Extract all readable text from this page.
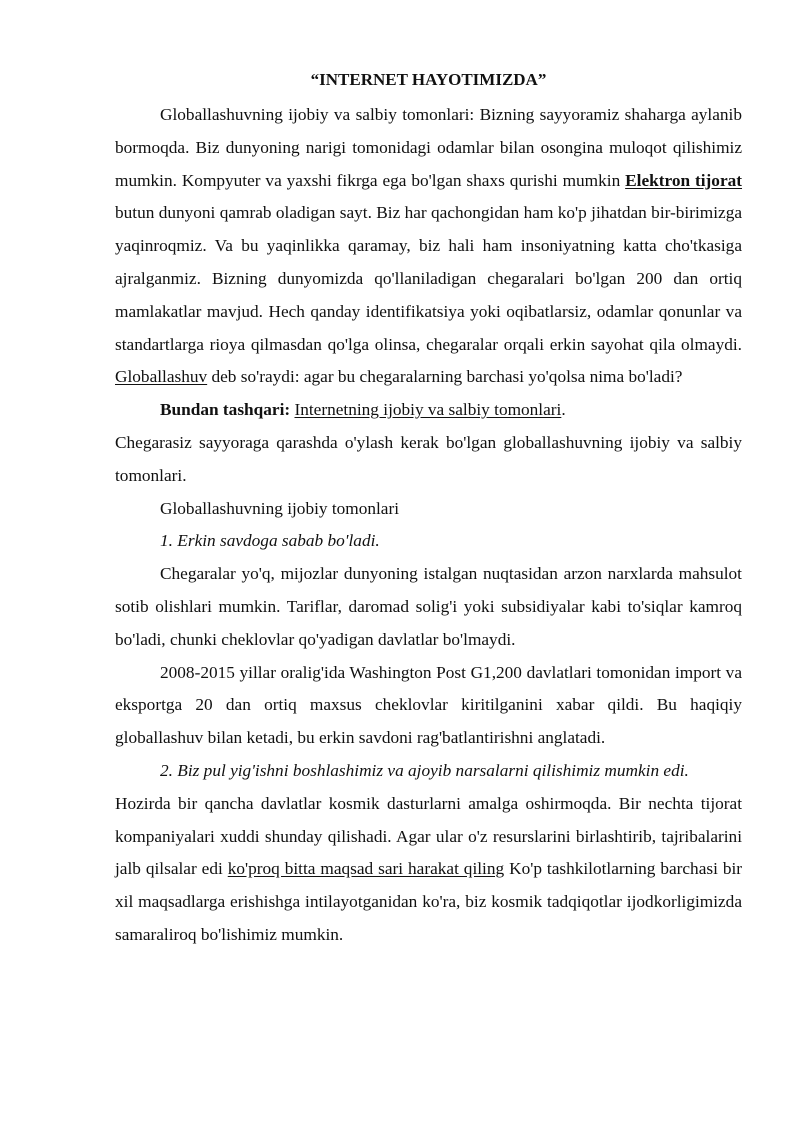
“INTERNET HAYOTIMIZDA”

Globallashuvning ijobiy va salbiy tomonlari: Bizning sayyoramiz shaharga aylanib bormoqda. Biz dunyoning narigi tomonidagi odamlar bilan osongina muloqot qilishimiz mumkin. Kompyuter va yaxshi fikrga ega bo'lgan shaxs qurishi mumkin Elektron tijorat butun dunyoni qamrab oladigan sayt. Biz har qachongidan ham ko'p jihatdan bir-birimizga yaqinroqmiz. Va bu yaqinlikka qaramay, biz hali ham insoniyatning katta cho'tkasiga ajralganmiz. Bizning dunyomizda qo'llaniladigan chegaralari bo'lgan 200 dan ortiq mamlakatlar mavjud. Hech qanday identifikatsiya yoki oqibatlarsiz, odamlar qonunlar va standartlarga rioya qilmasdan qo'lga olinsa, chegaralar orqali erkin sayohat qila olmaydi. Globallashuv deb so'raydi: agar bu chegaralarning barchasi yo'qolsa nima bo'ladi?

Bundan tashqari: Internetning ijobiy va salbiy tomonlari.

Chegarasiz sayyoraga qarashda o'ylash kerak bo'lgan globallashuvning ijobiy va salbiy tomonlari.

Globallashuvning ijobiy tomonlari

1. Erkin savdoga sabab bo'ladi.

Chegaralar yo'q, mijozlar dunyoning istalgan nuqtasidan arzon narxlarda mahsulot sotib olishlari mumkin. Tariflar, daromad solig'i yoki subsidiyalar kabi to'siqlar kamroq bo'ladi, chunki cheklovlar qo'yadigan davlatlar bo'lmaydi.

2008-2015 yillar oralig'ida Washington Post G1,200 davlatlari tomonidan import va eksportga 20 dan ortiq maxsus cheklovlar kiritilganini xabar qildi. Bu haqiqiy globallashuv bilan ketadi, bu erkin savdoni rag'batlantirishni anglatadi.

2. Biz pul yig'ishni boshlashimiz va ajoyib narsalarni qilishimiz mumkin edi.

Hozirda bir qancha davlatlar kosmik dasturlarni amalga oshirmoqda. Bir nechta tijorat kompaniyalari xuddi shunday qilishadi. Agar ular o'z resurslarini birlashtirib, tajribalarini jalb qilsalar edi ko'proq bitta maqsad sari harakat qiling Ko'p tashkilotlarning barchasi bir xil maqsadlarga erishishga intilayotganidan ko'ra, biz kosmik tadqiqotlar ijodkorligimizda samaraliroq bo'lishimiz mumkin.
